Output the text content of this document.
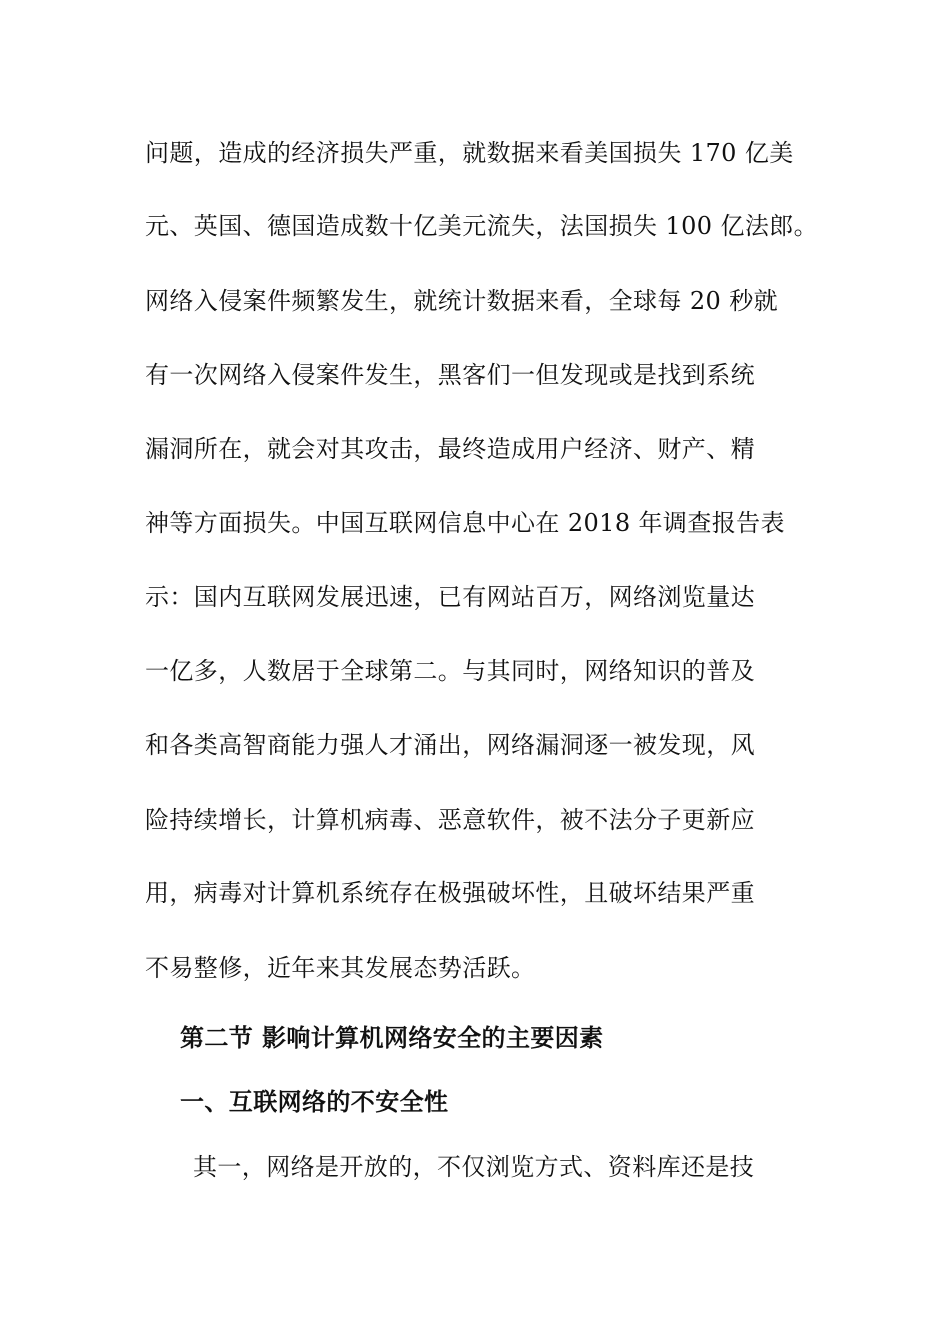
问题，造成的经济损失严重，就数据来看美国损失 170 亿美
元、英国、德国造成数十亿美元流失，法国损失 100 亿法郎。
网络入侵案件频繁发生，就统计数据来看，全球每 20 秒就
有一次网络入侵案件发生，黑客们一但发现或是找到系统
漏洞所在，就会对其攻击，最终造成用户经济、财产、精
神等方面损失。中国互联网信息中心在 2018 年调查报告表
示：国内互联网发展迅速，已有网站百万，网络浏览量达
一亿多，人数居于全球第二。与其同时，网络知识的普及
和各类高智商能力强人才涌出，网络漏洞逐一被发现，风
险持续增长，计算机病毒、恶意软件，被不法分子更新应
用，病毒对计算机系统存在极强破坏性，且破坏结果严重
不易整修，近年来其发展态势活跃。
第二节 影响计算机网络安全的主要因素
一、互联网络的不安全性
其一，网络是开放的，不仅浏览方式、资料库还是技
